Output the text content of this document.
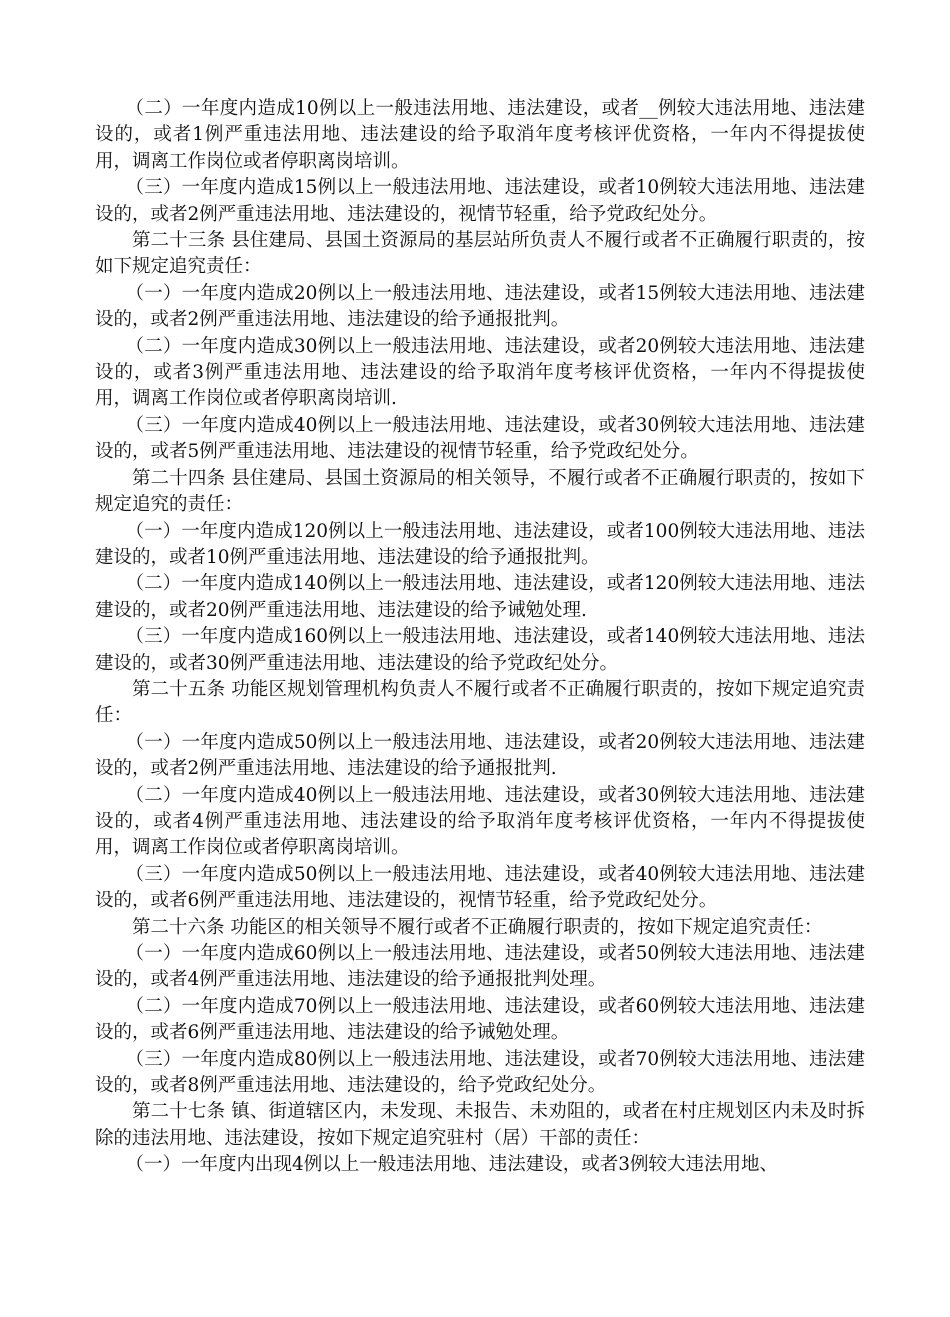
（二）一年度内造成10例以上一般违法用地、违法建设，或者__例较大违法用地、违法建设的，或者1例严重违法用地、违法建设的给予取消年度考核评优资格，一年内不得提拔使用，调离工作岗位或者停职离岗培训。

（三）一年度内造成15例以上一般违法用地、违法建设，或者10例较大违法用地、违法建设的，或者2例严重违法用地、违法建设的，视情节轻重，给予党政纪处分。

第二十三条 县住建局、县国土资源局的基层站所负责人不履行或者不正确履行职责的，按如下规定追究责任：

（一）一年度内造成20例以上一般违法用地、违法建设，或者15例较大违法用地、违法建设的，或者2例严重违法用地、违法建设的给予通报批判。

（二）一年度内造成30例以上一般违法用地、违法建设，或者20例较大违法用地、违法建设的，或者3例严重违法用地、违法建设的给予取消年度考核评优资格，一年内不得提拔使用，调离工作岗位或者停职离岗培训.

（三）一年度内造成40例以上一般违法用地、违法建设，或者30例较大违法用地、违法建设的，或者5例严重违法用地、违法建设的视情节轻重，给予党政纪处分。

第二十四条 县住建局、县国土资源局的相关领导，不履行或者不正确履行职责的，按如下规定追究的责任：

（一）一年度内造成120例以上一般违法用地、违法建设，或者100例较大违法用地、违法建设的，或者10例严重违法用地、违法建设的给予通报批判。

（二）一年度内造成140例以上一般违法用地、违法建设，或者120例较大违法用地、违法建设的，或者20例严重违法用地、违法建设的给予诫勉处理.

（三）一年度内造成160例以上一般违法用地、违法建设，或者140例较大违法用地、违法建设的，或者30例严重违法用地、违法建设的给予党政纪处分。

第二十五条 功能区规划管理机构负责人不履行或者不正确履行职责的，按如下规定追究责任：

（一）一年度内造成50例以上一般违法用地、违法建设，或者20例较大违法用地、违法建设的，或者2例严重违法用地、违法建设的给予通报批判.

（二）一年度内造成40例以上一般违法用地、违法建设，或者30例较大违法用地、违法建设的，或者4例严重违法用地、违法建设的给予取消年度考核评优资格，一年内不得提拔使用，调离工作岗位或者停职离岗培训。

（三）一年度内造成50例以上一般违法用地、违法建设，或者40例较大违法用地、违法建设的，或者6例严重违法用地、违法建设的，视情节轻重，给予党政纪处分。

第二十六条 功能区的相关领导不履行或者不正确履行职责的，按如下规定追究责任：

（一）一年度内造成60例以上一般违法用地、违法建设，或者50例较大违法用地、违法建设的，或者4例严重违法用地、违法建设的给予通报批判处理。

（二）一年度内造成70例以上一般违法用地、违法建设，或者60例较大违法用地、违法建设的，或者6例严重违法用地、违法建设的给予诫勉处理。

（三）一年度内造成80例以上一般违法用地、违法建设，或者70例较大违法用地、违法建设的，或者8例严重违法用地、违法建设的，给予党政纪处分。

第二十七条 镇、街道辖区内，未发现、未报告、未劝阻的，或者在村庄规划区内未及时拆除的违法用地、违法建设，按如下规定追究驻村（居）干部的责任：

（一）一年度内出现4例以上一般违法用地、违法建设，或者3例较大违法用地、
